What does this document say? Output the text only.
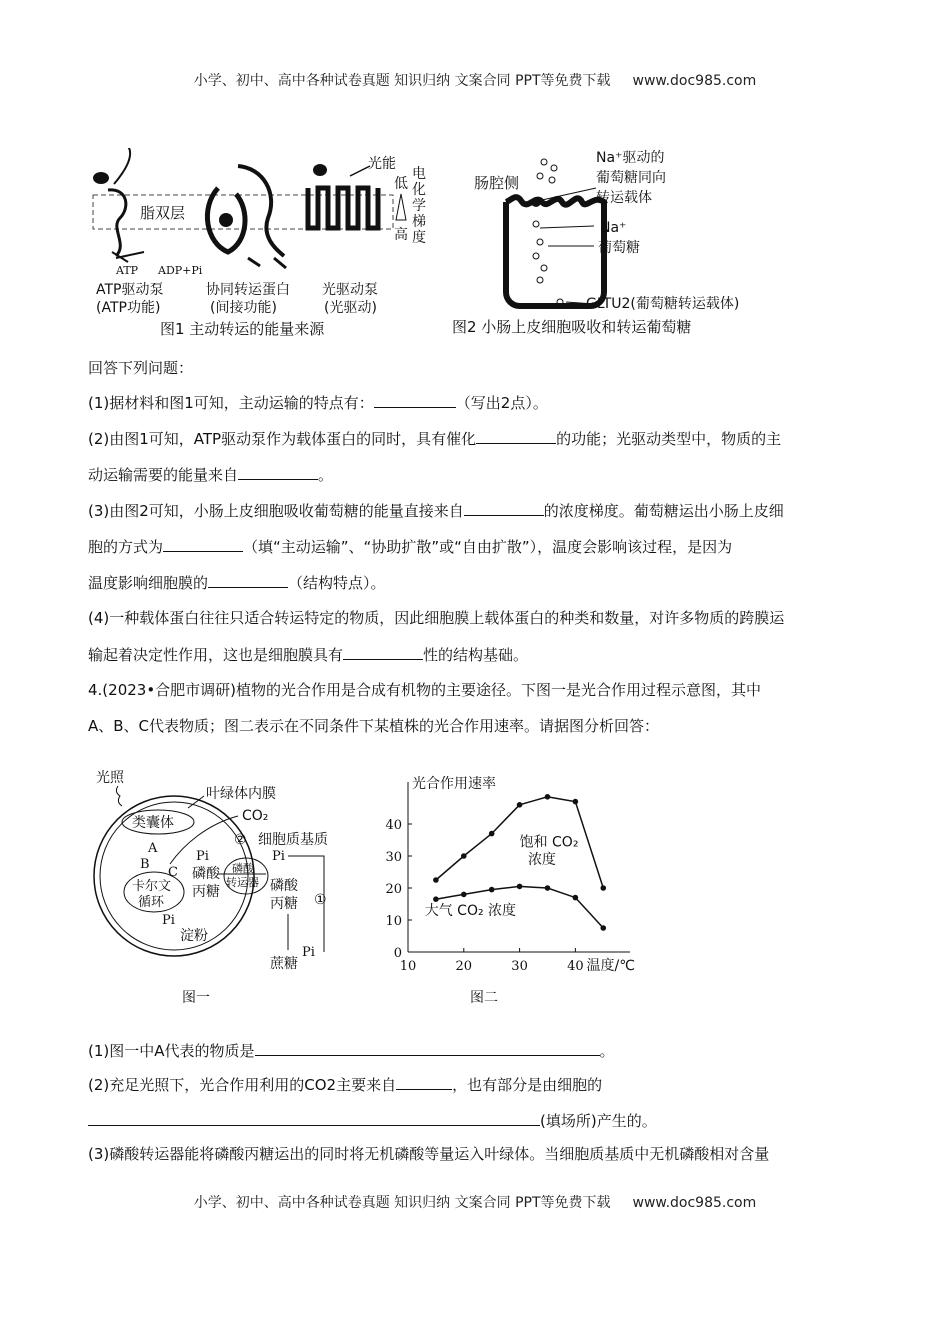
小学、初中、高中各种试卷真题 知识归纳 文案合同 PPT等免费下载 www.doc985.com
小学、初中、高中各种试卷真题 知识归纳 文案合同 PPT等免费下载 www.doc985.com
脂双层
ATP ADP+Pi
光能
低
高
电化学梯度
ATP驱动泵
(ATP功能)
协同转运蛋白
(间接功能)
光驱动泵
(光驱动)
图1 主动转运的能量来源
肠腔侧
Na⁺驱动的
葡萄糖同向
转运载体
Na⁺
葡萄糖
GLTU2(葡萄糖转运载体)
图2 小肠上皮细胞吸收和转运葡萄糖
回答下列问题：
(1)据材料和图1可知，主动运输的特点有：	（写出2点）。
(2)由图1可知，ATP驱动泵作为载体蛋白的同时，具有催化	的功能；光驱动类型中，物质的主
动运输需要的能量来自	。
(3)由图2可知，小肠上皮细胞吸收葡萄糖的能量直接来自	的浓度梯度。葡萄糖运出小肠上皮细
胞的方式为	（填“主动运输”、“协助扩散”或“自由扩散”），温度会影响该过程，是因为
温度影响细胞膜的	（结构特点）。
(4)一种载体蛋白往往只适合转运特定的物质，因此细胞膜上载体蛋白的种类和数量，对许多物质的跨膜运
输起着决定性作用，这也是细胞膜具有	性的结构基础。
4.(2023•合肥市调研)植物的光合作用是合成有机物的主要途径。下图一是光合作用过程示意图，其中
A、B、C代表物质；图二表示在不同条件下某植株的光合作用速率。请据图分析回答：
光照
叶绿体内膜
类囊体	CO₂
② 细胞质基质
A
B
C
卡尔文
循环
Pi
磷酸
丙糖
Pi
淀粉
磷酸
转运器
Pi
磷酸
丙糖 ①
Pi
蔗糖
图一
光合作用速率
温度/℃
0
10
20
30
40
10	20	30	40
饱和 CO₂
浓度
大气 CO₂ 浓度
图二
(1)图一中A代表的物质是	。
(2)充足光照下，光合作用利用的CO2主要来自	，也有部分是由细胞的
(填场所)产生的。
(3)磷酸转运器能将磷酸丙糖运出的同时将无机磷酸等量运入叶绿体。当细胞质基质中无机磷酸相对含量
